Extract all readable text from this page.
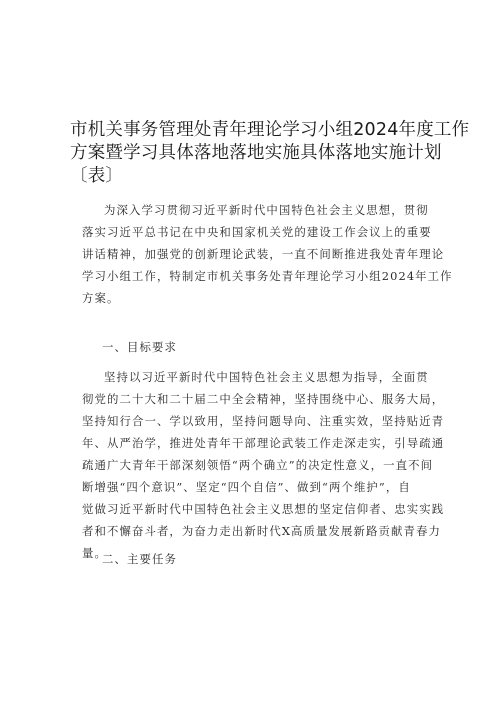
市机关事务管理处青年理论学习小组2024年度工作
方案暨学习具体落地落地实施具体落地实施计划
〔表〕
为深入学习贯彻习近平新时代中国特色社会主义思想，贯彻
落实习近平总书记在中央和国家机关党的建设工作会议上的重要
讲话精神，加强党的创新理论武装，一直不间断推进我处青年理论
学习小组工作，特制定市机关事务处青年理论学习小组2024年工作
方案。
一、目标要求
坚持以习近平新时代中国特色社会主义思想为指导，全面贯
彻党的二十大和二十届二中全会精神，坚持围绕中心、服务大局，
坚持知行合一、学以致用，坚持问题导向、注重实效，坚持贴近青
年、从严治学，推进处青年干部理论武装工作走深走实，引导疏通
疏通广大青年干部深刻领悟“两个确立”的决定性意义，一直不间
断增强“四个意识”、坚定“四个自信”、做到“两个维护”，自
觉做习近平新时代中国特色社会主义思想的坚定信仰者、忠实实践
者和不懈奋斗者，为奋力走出新时代X高质量发展新路贡献青春力
量。
二、主要任务
